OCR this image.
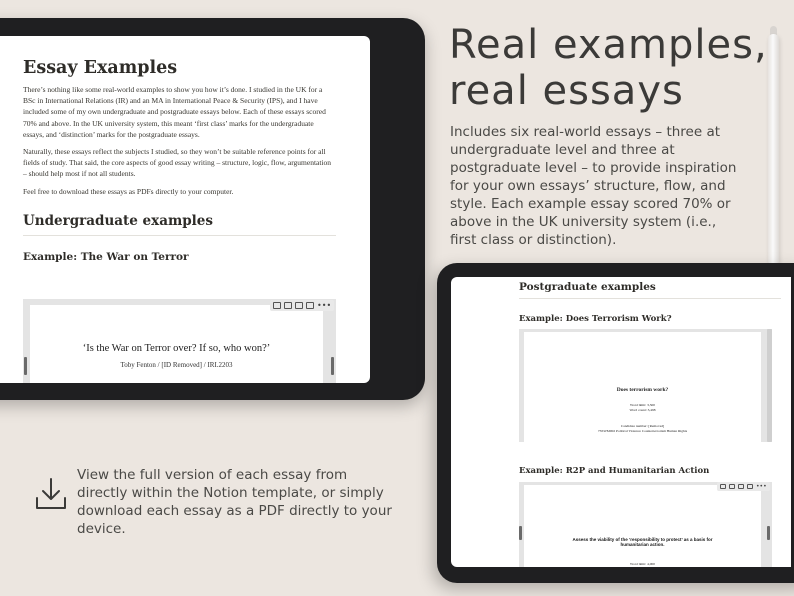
Essay Examples

There’s nothing like some real-world examples to show you how it’s done. I studied in the UK for a BSc in International Relations (IR) and an MA in International Peace & Security (IPS), and I have included some of my own undergraduate and postgraduate essays below. Each of these essays scored 70% and above. In the UK university system, this meant ‘first class’ marks for the undergraduate essays, and ‘distinction’ marks for the postgraduate essays.

Naturally, these essays reflect the subjects I studied, so they won’t be suitable reference points for all fields of study. That said, the core aspects of good essay writing – structure, logic, flow, argumentation – should help most if not all students.

Feel free to download these essays as PDFs directly to your computer.

Undergraduate examples
Example: The War on Terror
‘Is the War on Terror over? If so, who won?’
Toby Fenton / [ID Removed] / IRI.2203
•••
Real examples,
real essays
Includes six real-world essays – three at undergraduate level and three at postgraduate level – to provide inspiration for your own essays’ structure, flow, and style. Each example essay scored 70% or above in the UK university system (i.e., first class or distinction).
Postgraduate examples
Example: Does Terrorism Work?
Does terrorism work?
Word limit: 3,500
Word count: 3,498
Candidate number: [Removed]
7SSWM002 Political Violence Counterterrorism Human Rights
Example: R2P and Humanitarian Action
Assess the viability of the ‘responsibility to protect’ as a basis for humanitarian action.
Word limit: 4,000
•••
View the full version of each essay from directly within the Notion template, or simply download each essay as a PDF directly to your device.
